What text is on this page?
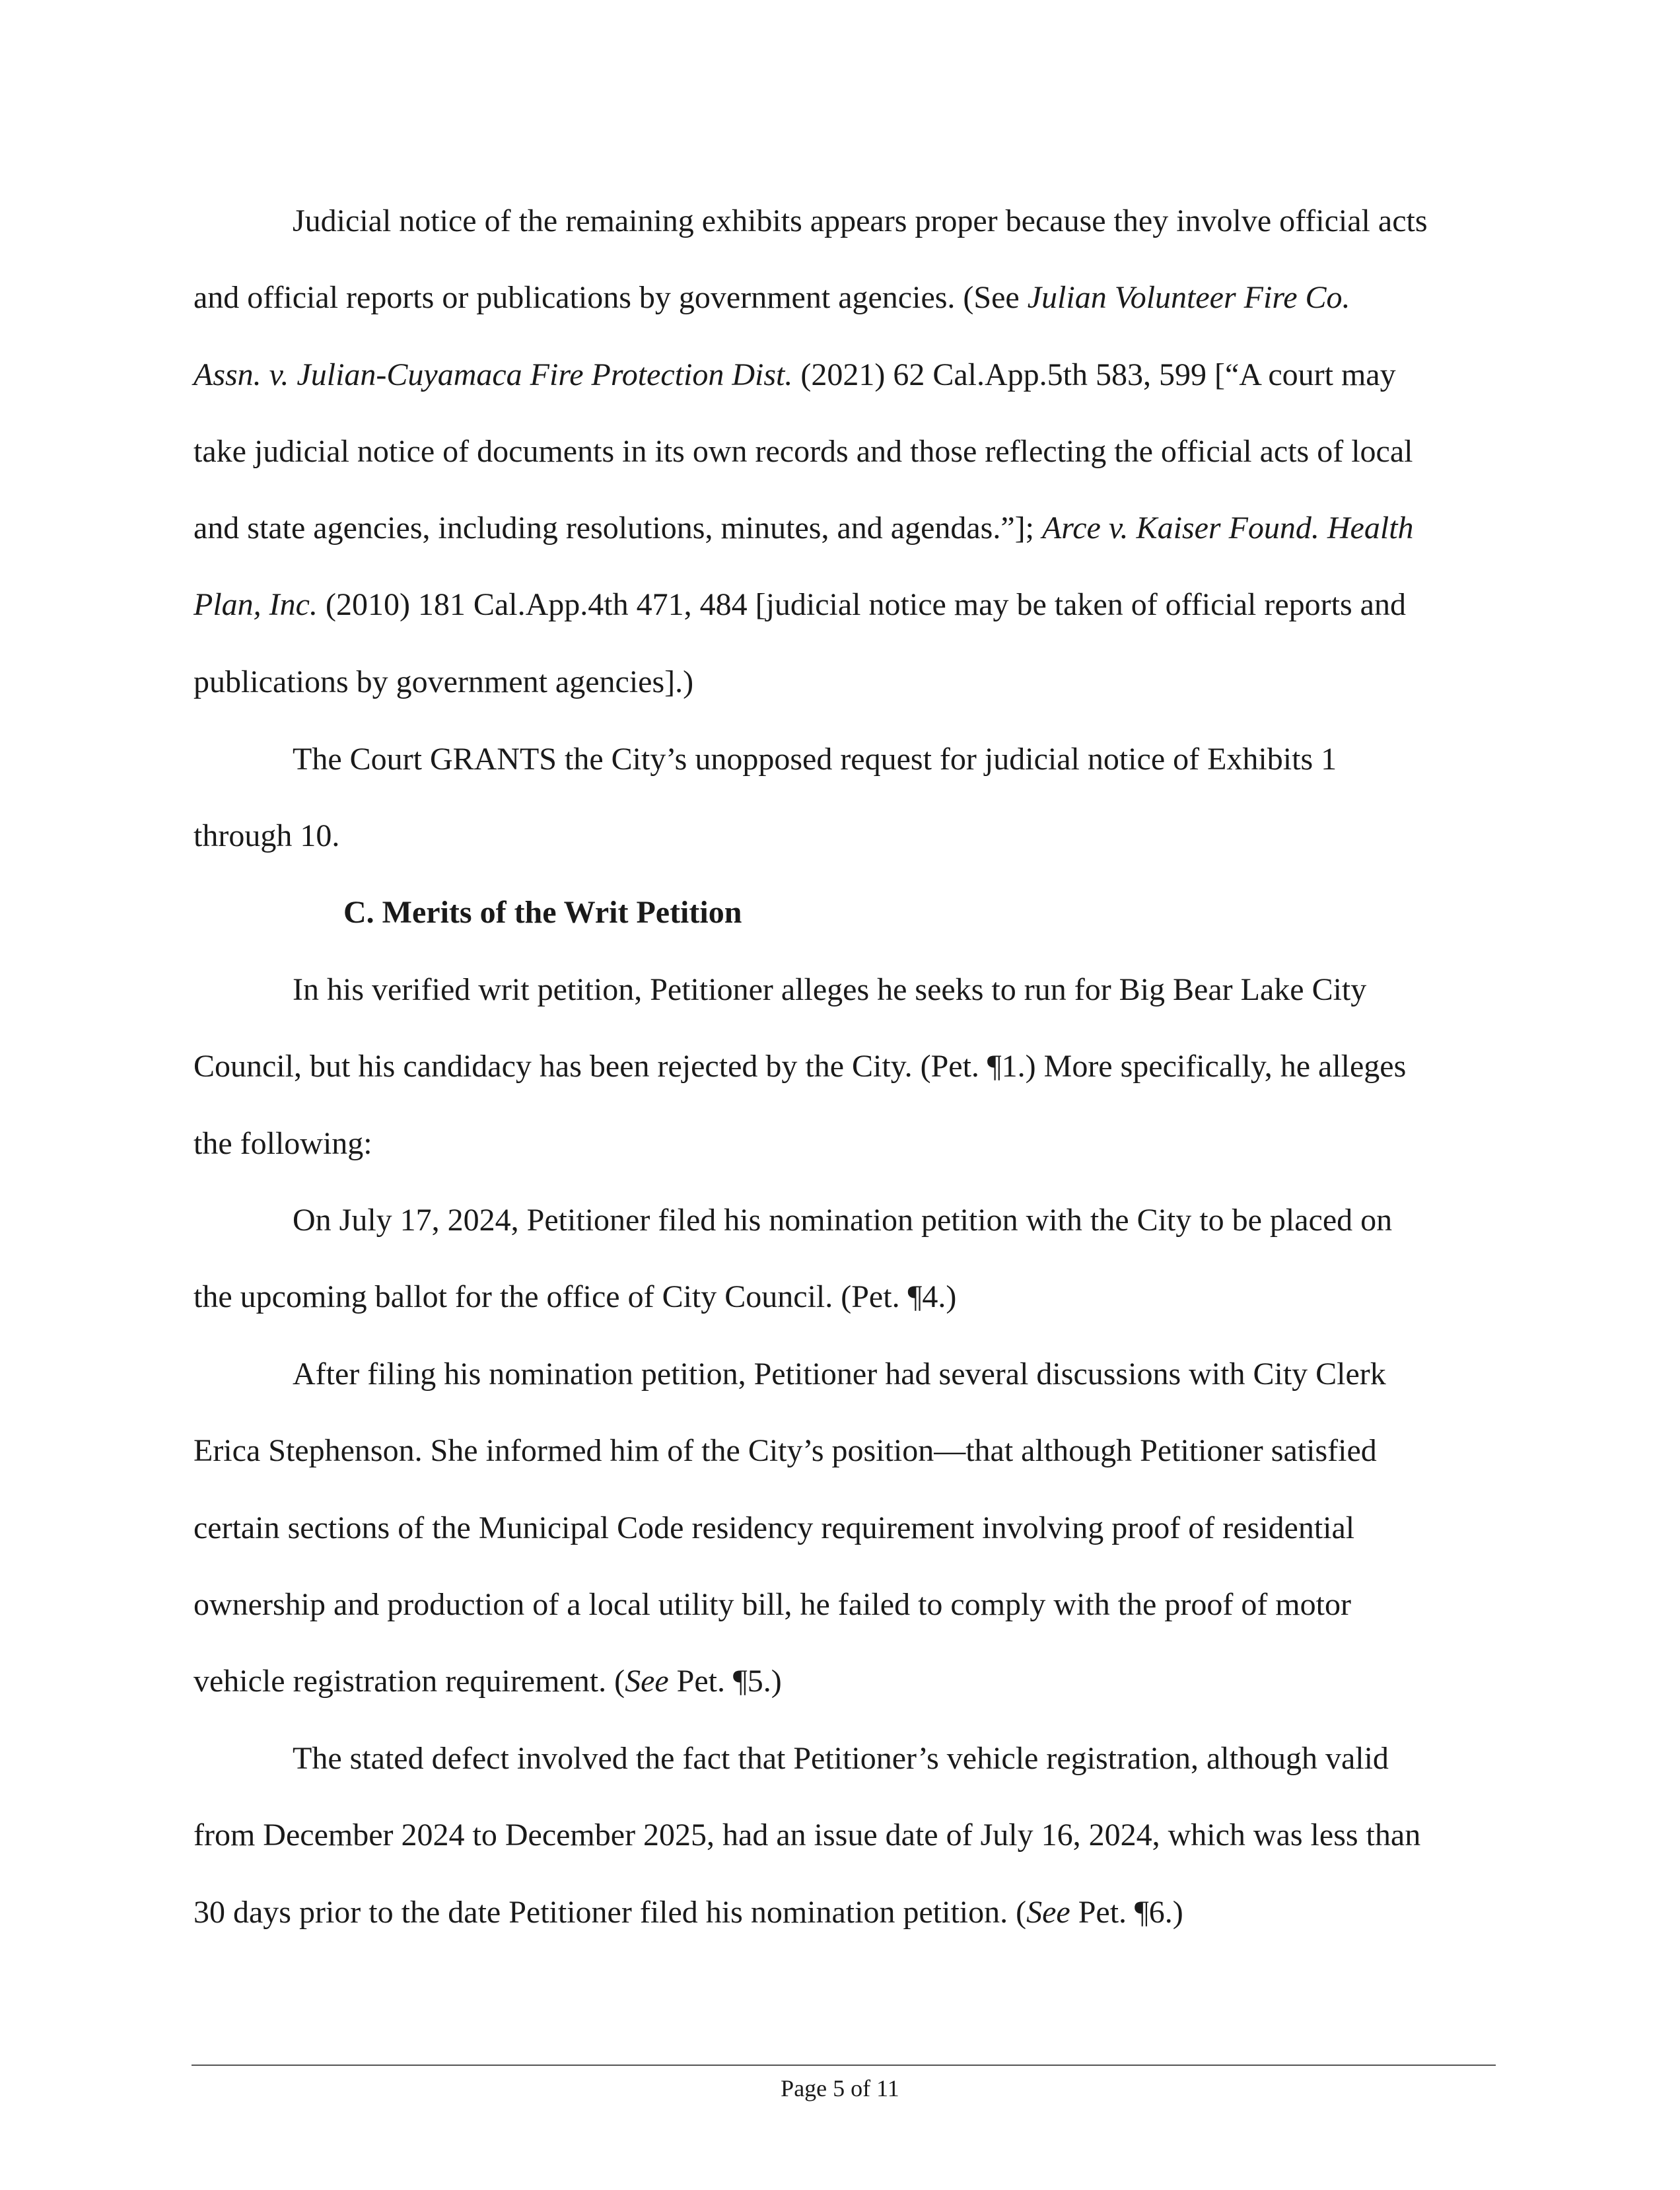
Judicial notice of the remaining exhibits appears proper because they involve official acts
and official reports or publications by government agencies. (See Julian Volunteer Fire Co.
Assn. v. Julian-Cuyamaca Fire Protection Dist. (2021) 62 Cal.App.5th 583, 599 [“A court may
take judicial notice of documents in its own records and those reflecting the official acts of local
and state agencies, including resolutions, minutes, and agendas.”]; Arce v. Kaiser Found. Health
Plan, Inc. (2010) 181 Cal.App.4th 471, 484 [judicial notice may be taken of official reports and
publications by government agencies].)
The Court GRANTS the City’s unopposed request for judicial notice of Exhibits 1
through 10.
C. Merits of the Writ Petition
In his verified writ petition, Petitioner alleges he seeks to run for Big Bear Lake City
Council, but his candidacy has been rejected by the City. (Pet. ¶1.) More specifically, he alleges
the following:
On July 17, 2024, Petitioner filed his nomination petition with the City to be placed on
the upcoming ballot for the office of City Council. (Pet. ¶4.)
After filing his nomination petition, Petitioner had several discussions with City Clerk
Erica Stephenson. She informed him of the City’s position—that although Petitioner satisfied
certain sections of the Municipal Code residency requirement involving proof of residential
ownership and production of a local utility bill, he failed to comply with the proof of motor
vehicle registration requirement. (See Pet. ¶5.)
The stated defect involved the fact that Petitioner’s vehicle registration, although valid
from December 2024 to December 2025, had an issue date of July 16, 2024, which was less than
30 days prior to the date Petitioner filed his nomination petition. (See Pet. ¶6.)
Page 5 of 11
